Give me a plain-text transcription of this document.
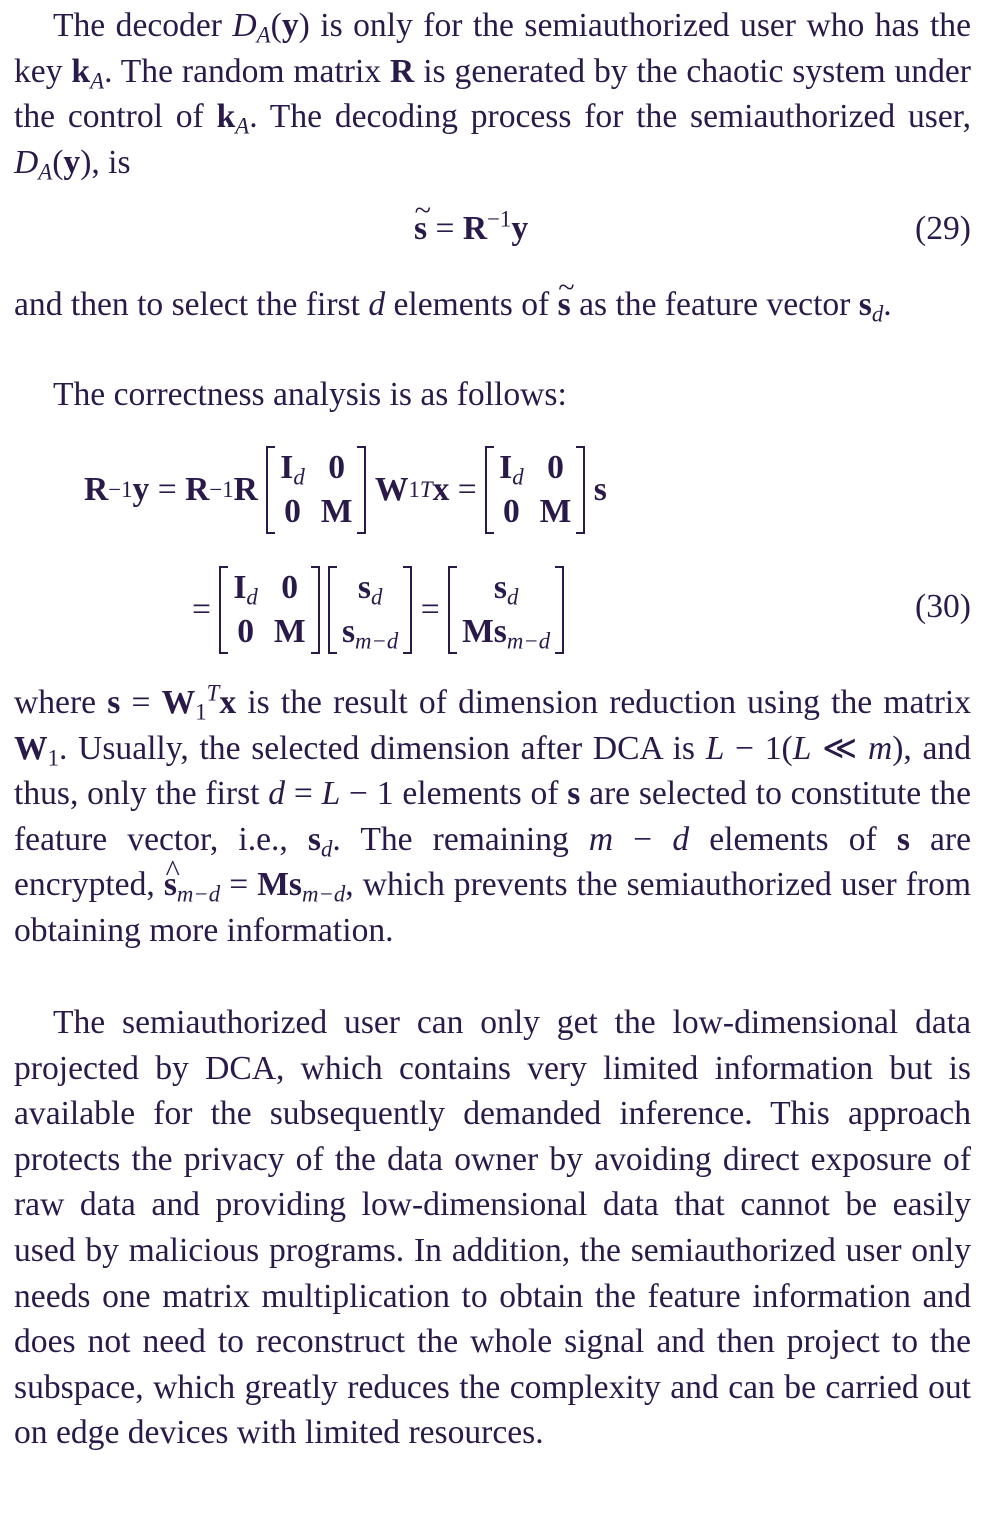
The decoder $D_A(y)$ is only for the semiauthorized user who has the key $k_A$. The random matrix R is generated by the chaotic system under the control of $k_A$. The decoding process for the semiauthorized user, $D_A(y)$, is

~ $s = R^{-1}y$	(29)

and then to select the first d elements of ~ s as the feature vector $s_d$.

The correctness analysis is as follows:

R −1 y = R −1 R

$I_d$	0
0	M

W 1 T x =
$I_d$	0
0	M

s
=
$I_d$	0
0	M

$s_d$
$s_{m-d}$
=
$s_d$
$Ms_{m-d}$
(30)

where $s = W_1^Tx$ is the result of dimension reduction using the matrix $W_1$. Usually, the selected dimension after DCA is L − 1(L ≪ m), and thus, only the first d = L − 1 elements of s are selected to constitute the feature vector, i.e., $s_d$. The remaining m − d elements of s are encrypted, ^ $s_{m-d} = Ms_{m-d}$, which prevents the semiauthorized user from obtaining more information.

The semiauthorized user can only get the low-dimensional data projected by DCA, which contains very limited information but is available for the subsequently demanded inference. This approach protects the privacy of the data owner by avoiding direct exposure of raw data and providing low-dimensional data that cannot be easily used by malicious programs. In addition, the semiauthorized user only needs one matrix multiplication to obtain the feature information and does not need to reconstruct the whole signal and then project to the subspace, which greatly reduces the complexity and can be carried out on edge devices with limited resources.
